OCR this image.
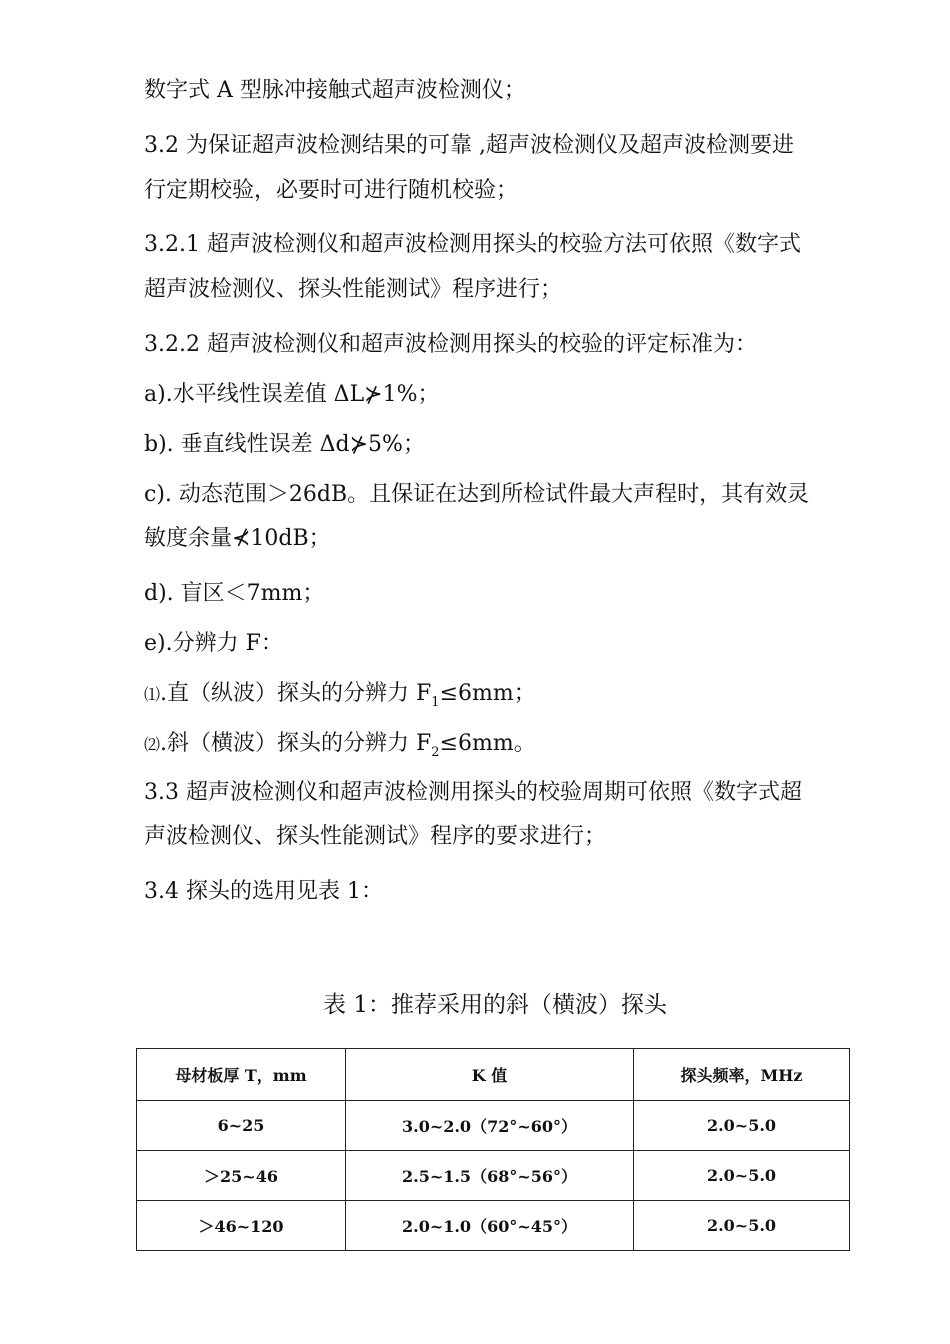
数字式 A 型脉冲接触式超声波检测仪；
3.2 为保证超声波检测结果的可靠 ,超声波检测仪及超声波检测要进
行定期校验，必要时可进行随机校验；
3.2.1 超声波检测仪和超声波检测用探头的校验方法可依照《数字式
超声波检测仪、探头性能测试》程序进行；
3.2.2 超声波检测仪和超声波检测用探头的校验的评定标准为：
a).水平线性误差值 ΔL⊁1%；
b). 垂直线性误差 Δd⊁5%；
c). 动态范围＞26dB。且保证在达到所检试件最大声程时，其有效灵
敏度余量⊀10dB；
d). 盲区＜7mm；
e).分辨力 F：
⑴.直（纵波）探头的分辨力 $F_1\le 6mm$；
⑵.斜（横波）探头的分辨力 $F_2\le 6mm$。
3.3 超声波检测仪和超声波检测用探头的校验周期可依照《数字式超
声波检测仪、探头性能测试》程序的要求进行；
3.4 探头的选用见表 1：
表 1：推荐采用的斜（横波）探头
母材板厚 T，mm	K 值	探头频率，MHz
6~25	3.0~2.0（72°~60°）	2.0~5.0
＞25~46	2.5~1.5（68°~56°）	2.0~5.0
＞46~120	2.0~1.0（60°~45°）	2.0~5.0
